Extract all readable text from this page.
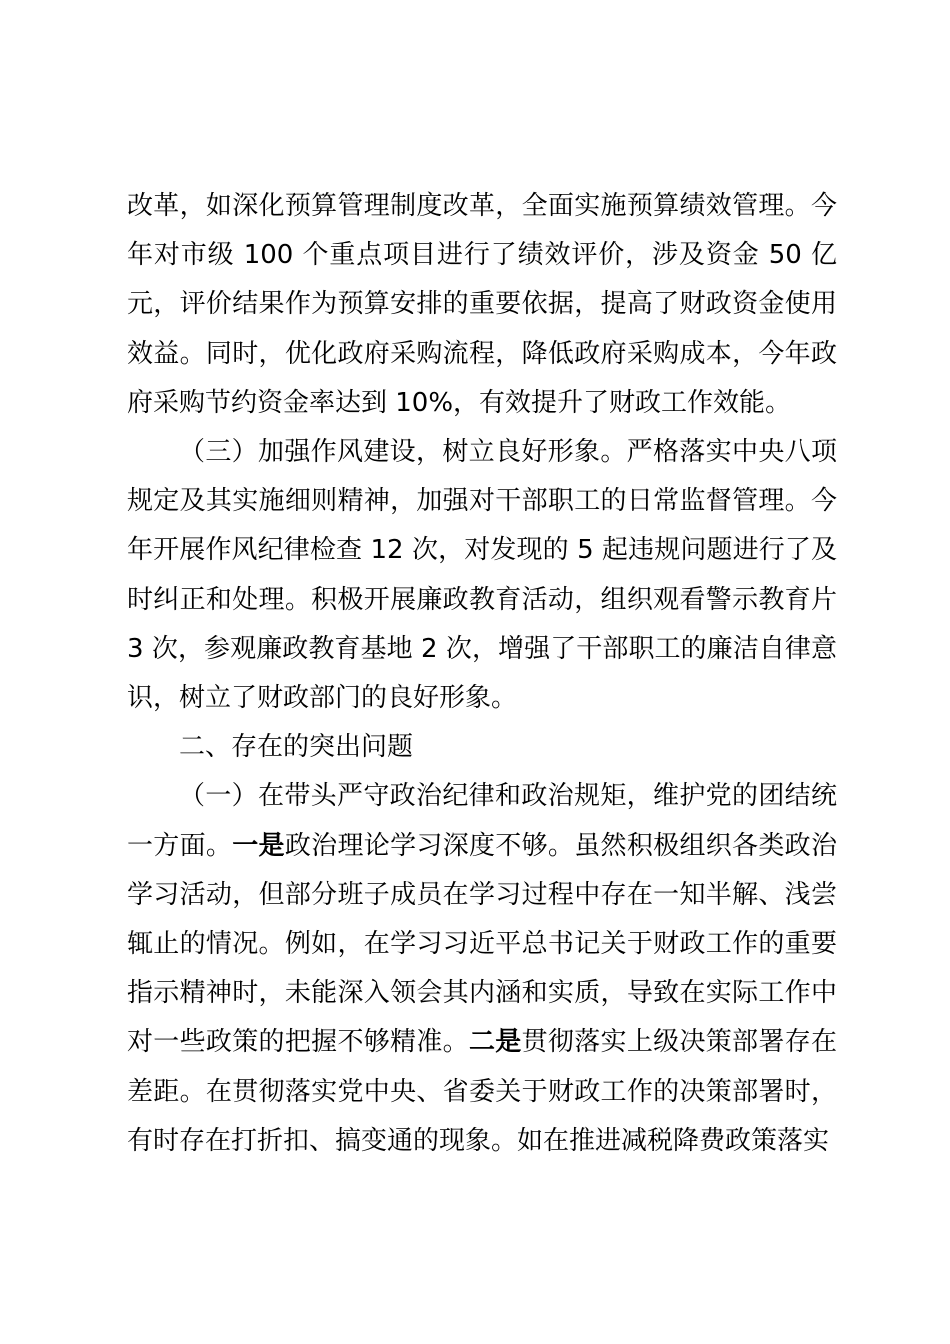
改革，如深化预算管理制度改革，全面实施预算绩效管理。今年对市级 100 个重点项目进行了绩效评价，涉及资金 50 亿元，评价结果作为预算安排的重要依据，提高了财政资金使用效益。同时，优化政府采购流程，降低政府采购成本，今年政府采购节约资金率达到 10%，有效提升了财政工作效能。

（三）加强作风建设，树立良好形象。严格落实中央八项规定及其实施细则精神，加强对干部职工的日常监督管理。今年开展作风纪律检查 12 次，对发现的 5 起违规问题进行了及时纠正和处理。积极开展廉政教育活动，组织观看警示教育片 3 次，参观廉政教育基地 2 次，增强了干部职工的廉洁自律意识，树立了财政部门的良好形象。

二、存在的突出问题

（一）在带头严守政治纪律和政治规矩，维护党的团结统一方面。一是政治理论学习深度不够。虽然积极组织各类政治学习活动，但部分班子成员在学习过程中存在一知半解、浅尝辄止的情况。例如，在学习习近平总书记关于财政工作的重要指示精神时，未能深入领会其内涵和实质，导致在实际工作中对一些政策的把握不够精准。二是贯彻落实上级决策部署存在差距。在贯彻落实党中央、省委关于财政工作的决策部署时，有时存在打折扣、搞变通的现象。如在推进减税降费政策落实
